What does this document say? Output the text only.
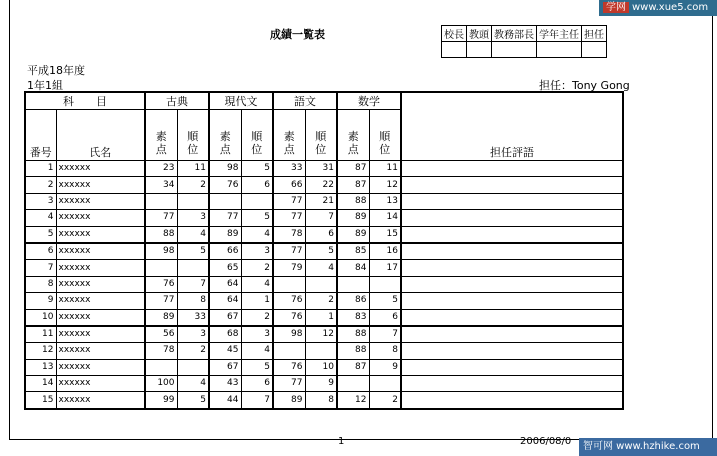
成績一覧表	校長	教頭	教務部長	学年主任	担任

平成18年度
1年1組	担任：Tony Gong
科　　目		古典		現代文		語文		数学		担任評語
番号	氏名	素点	順位	素点	順位	素点	順位	素点	順位	
1	xxxxxx	23	11	98	5	33	31	87	11	
2	xxxxxx	34	2	76	6	66	22	87	12	
3	xxxxxx					77	21	88	13	
4	xxxxxx	77	3	77	5	77	7	89	14	
5	xxxxxx	88	4	89	4	78	6	89	15	
6	xxxxxx	98	5	66	3	77	5	85	16	
7	xxxxxx			65	2	79	4	84	17	
8	xxxxxx	76	7	64	4					
9	xxxxxx	77	8	64	1	76	2	86	5	
10	xxxxxx	89	33	67	2	76	1	83	6	
11	xxxxxx	56	3	68	3	98	12	88	7	
12	xxxxxx	78	2	45	4			88	8	
13	xxxxxx			67	5	76	10	87	9	
14	xxxxxx	100	4	43	6	77	9			
15	xxxxxx	99	5	44	7	89	8	12	2	
1	2006/08/0
学网 www.xue5.com
智可网 www.hzhike.com
